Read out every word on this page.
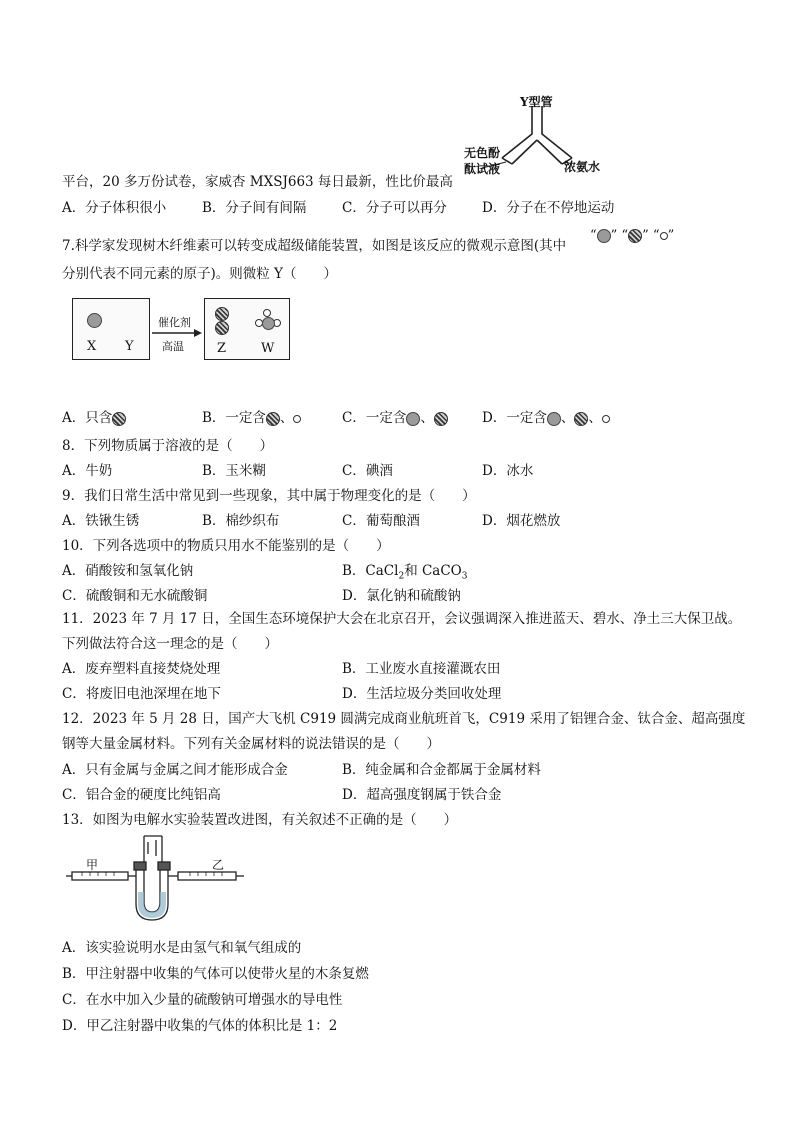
Y型管
无色酚
酞试液	浓氨水
平台，20 多万份试卷，家威杏 MXSJ663 每日最新，性比价最高
A．分子体积很小	B．分子间有间隔	C．分子可以再分	D．分子在不停地运动
7.科学家发现树木纤维素可以转变成超级储能装置，如图是该反应的微观示意图(其中
“ ” “ ” “ ”
分别代表不同元素的原子)。则微粒 Y（　　）
X Y
催化剂
高温	Z	W
A．只含	B．一定含 、	C．一定含 、	D．一定含 、 、
8．下列物质属于溶液的是（　　）
A．牛奶	B．玉米糊	C．碘酒	D．冰水
9．我们日常生活中常见到一些现象，其中属于物理变化的是（　　）
A．铁锹生锈	B．棉纱织布	C．葡萄酿酒	D．烟花燃放
10．下列各选项中的物质只用水不能鉴别的是（　　）
A．硝酸铵和氢氧化钠	B．CaCl$_2$和 CaCO$_3$
C．硫酸铜和无水硫酸铜	D．氯化钠和硫酸钠
11．2023 年 7 月 17 日，全国生态环境保护大会在北京召开，会议强调深入推进蓝天、碧水、净土三大保卫战。
下列做法符合这一理念的是（　　）
A．废弃塑料直接焚烧处理	B．工业废水直接灌溉农田
C．将废旧电池深埋在地下	D．生活垃圾分类回收处理
12．2023 年 5 月 28 日，国产大飞机 C919 圆满完成商业航班首飞，C919 采用了铝锂合金、钛合金、超高强度
钢等大量金属材料。下列有关金属材料的说法错误的是（　　）
A．只有金属与金属之间才能形成合金	B．纯金属和合金都属于金属材料
C．铝合金的硬度比纯铝高	D．超高强度钢属于铁合金
13．如图为电解水实验装置改进图，有关叙述不正确的是（　　）
甲	乙
A．该实验说明水是由氢气和氧气组成的
B．甲注射器中收集的气体可以使带火星的木条复燃
C．在水中加入少量的硫酸钠可增强水的导电性
D．甲乙注射器中收集的气体的体积比是 1：2
